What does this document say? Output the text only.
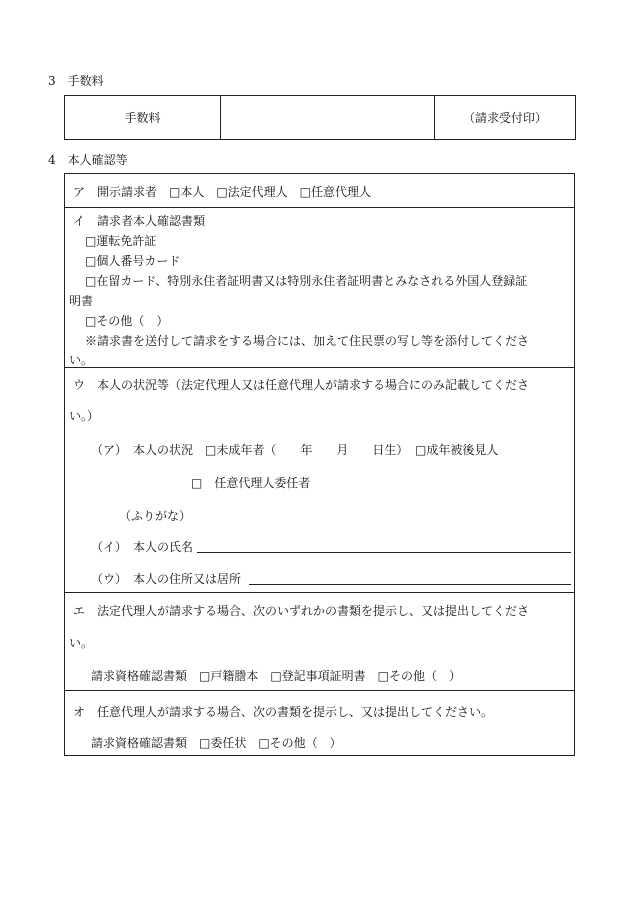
3　手数料
手数料		（請求受付印）
4　本人確認等
ア　開示請求者　□本人　□法定代理人　□任意代理人
イ　請求者本人確認書類
□運転免許証
□個人番号カード
□在留カード、特別永住者証明書又は特別永住者証明書とみなされる外国人登録証
明書
□その他（　）
※請求書を送付して請求をする場合には、加えて住民票の写し等を添付してくださ
い。
ウ　本人の状況等（法定代理人又は任意代理人が請求する場合にのみ記載してくださ
い。）
（ア）　本人の状況 □未成年者（　　年　　月　　日生） □成年被後見人
□　任意代理人委任者
（ふりがな）
（イ）　本人の氏名
（ウ）　本人の住所又は居所
エ　法定代理人が請求する場合、次のいずれかの書類を提示し、又は提出してくださ
い。
請求資格確認書類　□戸籍謄本　□登記事項証明書　□その他（　）
オ　任意代理人が請求する場合、次の書類を提示し、又は提出してください。
請求資格確認書類　□委任状　□その他（　）
